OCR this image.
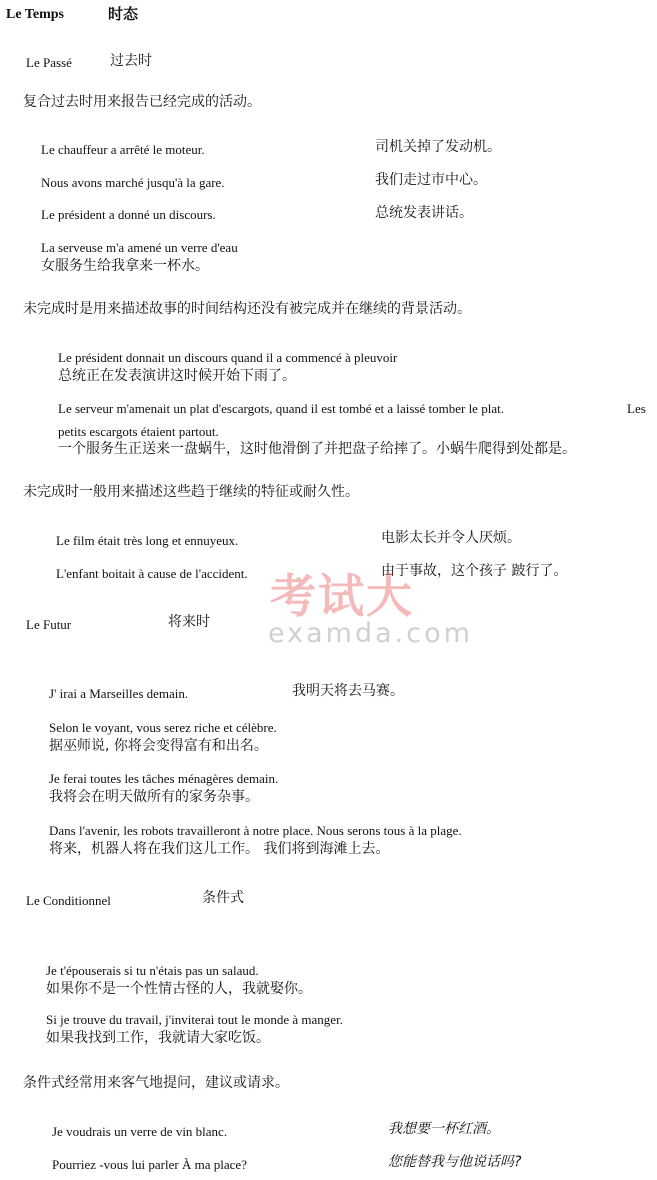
Le Temps	时态
Le Passé	过去时
复合过去时用来报告已经完成的活动。
Le chauffeur a arrêté le moteur.	司机关掉了发动机。
Nous avons marché jusqu'à la gare.	我们走过市中心。
Le président a donné un discours.	总统发表讲话。
La serveuse m'a amené un verre d'eau
女服务生给我拿来一杯水。
未完成时是用来描述故事的时间结构还没有被完成并在继续的背景活动。
Le président donnait un discours quand il a commencé à pleuvoir
总统正在发表演讲这时候开始下雨了。
Le serveur m'amenait un plat d'escargots, quand il est tombé et a laissé tomber le plat.	Les
petits escargots étaient partout.
一个服务生正送来一盘蜗牛，这时他滑倒了并把盘子给摔了。小蜗牛爬得到处都是。
未完成时一般用来描述这些趋于继续的特征或耐久性。
Le film était très long et ennuyeux.	电影太长并令人厌烦。
L'enfant boitait à cause de l'accident.	由于事故，这个孩子 跛行了。
考试大
examda.com
Le Futur	将来时
J' irai a Marseilles demain.	我明天将去马赛。
Selon le voyant, vous serez riche et célèbre.
据巫师说, 你将会变得富有和出名。
Je ferai toutes les tâches ménagères demain.
我将会在明天做所有的家务杂事。
Dans l'avenir, les robots travailleront à notre place. Nous serons tous à la plage.
将来，机器人将在我们这儿工作。 我们将到海滩上去。
Le Conditionnel	条件式
Je t'épouserais si tu n'étais pas un salaud.
如果你不是一个性情古怪的人，我就娶你。
Si je trouve du travail, j'inviterai tout le monde à manger.
如果我找到工作，我就请大家吃饭。
条件式经常用来客气地提问，建议或请求。
Je voudrais un verre de vin blanc.	我想要一杯红酒。
Pourriez -vous lui parler À ma place?	您能替我与他说话吗?
